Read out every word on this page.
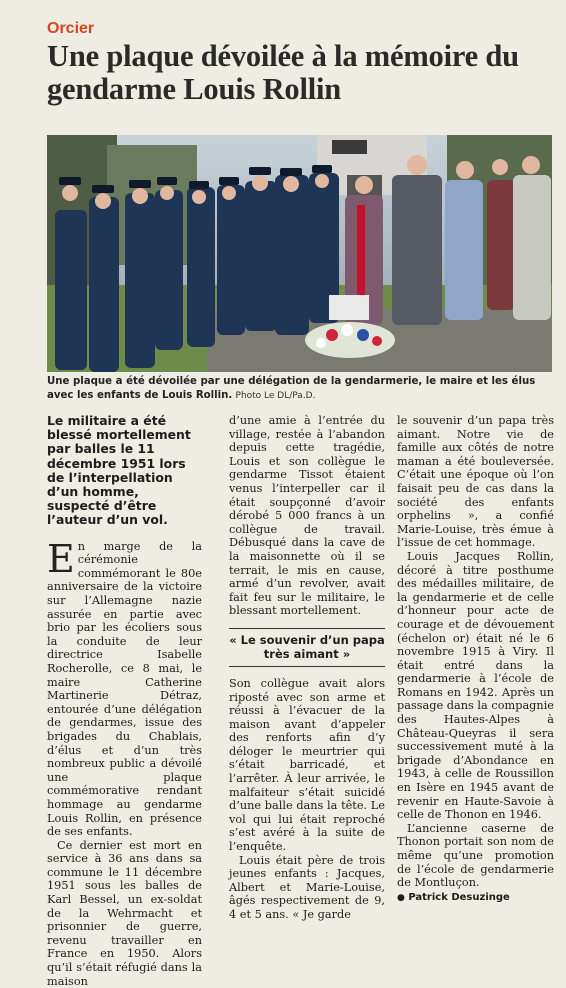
Orcier
Une plaque dévoilée à la mémoire du gendarme Louis Rollin
Une plaque a été dévoilée par une délégation de la gendarmerie, le maire et les élus avec les enfants de Louis Rollin. Photo Le DL/Pa.D.
Le militaire a été blessé mortellement par balles le 11 décembre 1951 lors de l’interpellation d’un homme, suspecté d’être l’auteur d’un vol.

En marge de la cérémonie commémorant le 80e anniversaire de la victoire sur l’Allemagne nazie assurée en partie avec brio par les écoliers sous la conduite de leur directrice Isabelle Rocherolle, ce 8 mai, le maire Catherine Martinerie Détraz, entourée d’une délégation de gendarmes, issue des brigades du Chablais, d’élus et d’un très nombreux public a dévoilé une plaque commémorative rendant hommage au gendarme Louis Rollin, en présence de ses enfants.

Ce dernier est mort en service à 36 ans dans sa commune le 11 décembre 1951 sous les balles de Karl Bessel, un ex-soldat de la Wehrmacht et prisonnier de guerre, revenu travailler en France en 1950. Alors qu’il s’était réfugié dans la maison

d’une amie à l’entrée du village, restée à l’abandon depuis cette tragédie, Louis et son collègue le gendarme Tissot étaient venus l’interpeller car il était soupçonné d’avoir dérobé 5 000 francs à un collègue de travail. Débusqué dans la cave de la maisonnette où il se terrait, le mis en cause, armé d’un revolver, avait fait feu sur le militaire, le blessant mortellement.

« Le souvenir d’un papa très aimant »

Son collègue avait alors riposté avec son arme et réussi à l’évacuer de la maison avant d’appeler des renforts afin d’y déloger le meurtrier qui s’était barricadé, et l’arrêter. À leur arrivée, le malfaiteur s’était suicidé d’une balle dans la tête. Le vol qui lui était reproché s’est avéré à la suite de l’enquête.

Louis était père de trois jeunes enfants : Jacques, Albert et Marie-Louise, âgés respectivement de 9, 4 et 5 ans. « Je garde

le souvenir d’un papa très aimant. Notre vie de famille aux côtés de notre maman a été bouleversée. C’était une époque où l’on faisait peu de cas dans la société des enfants orphelins », a confié Marie-Louise, très émue à l’issue de cet hommage.

Louis Jacques Rollin, décoré à titre posthume des médailles militaire, de la gendarmerie et de celle d’honneur pour acte de courage et de dévouement (échelon or) était né le 6 novembre 1915 à Viry. Il était entré dans la gendarmerie à l’école de Romans en 1942. Après un passage dans la compagnie des Hautes-Alpes à Château-Queyras il sera successivement muté à la brigade d’Abondance en 1943, à celle de Roussillon en Isère en 1945 avant de revenir en Haute-Savoie à celle de Thonon en 1946.

L’ancienne caserne de Thonon portait son nom de même qu’une promotion de l’école de gendarmerie de Montluçon.

● Patrick Desuzinge
